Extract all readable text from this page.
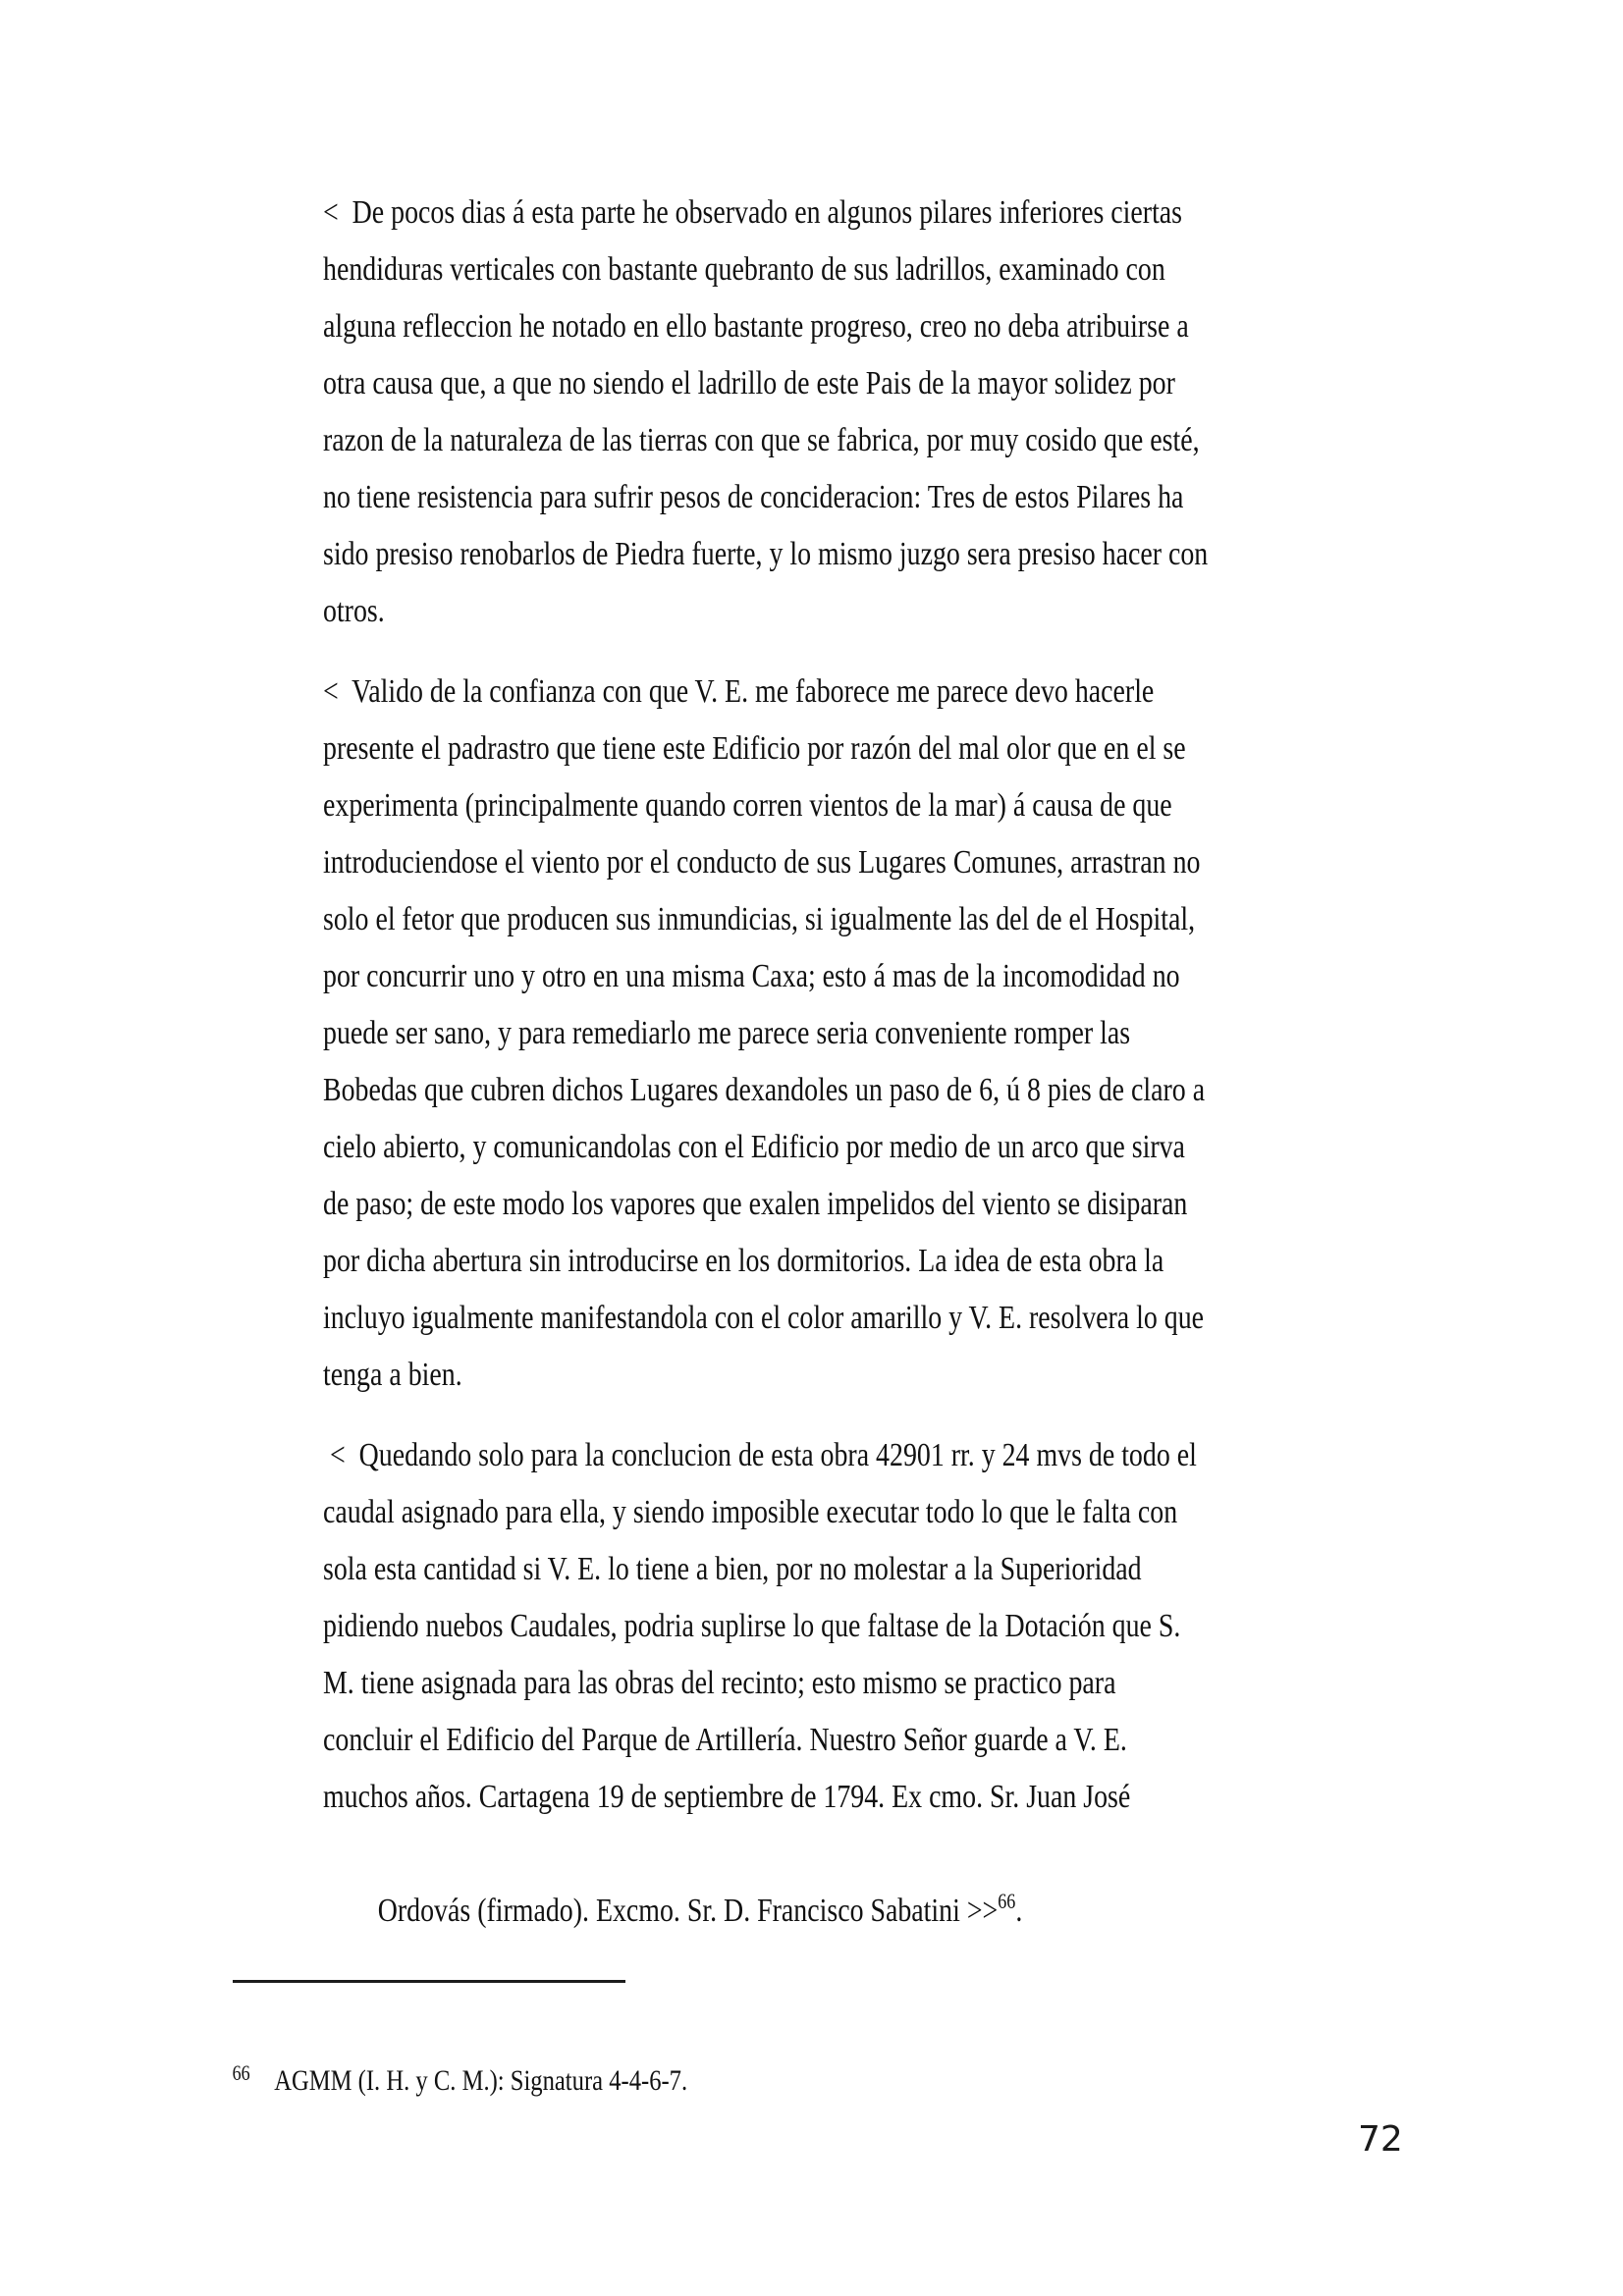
<  De pocos dias á esta parte he observado en algunos pilares inferiores ciertas
hendiduras verticales con bastante quebranto de sus ladrillos, examinado con
alguna refleccion he notado en ello bastante progreso, creo no deba atribuirse a
otra causa que, a que no siendo el ladrillo de este Pais de la mayor solidez por
razon de la naturaleza de las tierras con que se fabrica, por muy cosido que esté,
no tiene resistencia para sufrir pesos de concideracion: Tres de estos Pilares ha
sido presiso renobarlos de Piedra fuerte, y lo mismo juzgo sera presiso hacer con
otros.
<  Valido de la confianza con que V. E. me faborece me parece devo hacerle
presente el padrastro que tiene este Edificio por razón del mal olor que en el se
experimenta (principalmente quando corren vientos de la mar) á causa de que
introduciendose el viento por el conducto de sus Lugares Comunes, arrastran no
solo el fetor que producen sus inmundicias, si igualmente las del de el Hospital,
por concurrir uno y otro en una misma Caxa; esto á mas de la incomodidad no
puede ser sano, y para remediarlo me parece seria conveniente romper las
Bobedas que cubren dichos Lugares dexandoles un paso de 6, ú 8 pies de claro a
cielo abierto, y comunicandolas con el Edificio por medio de un arco que sirva
de paso; de este modo los vapores que exalen impelidos del viento se disiparan
por dicha abertura sin introducirse en los dormitorios. La idea de esta obra la
incluyo igualmente manifestandola con el color amarillo y V. E. resolvera lo que
tenga a bien.
<  Quedando solo para la conclucion de esta obra 42901 rr. y 24 mvs de todo el
caudal asignado para ella, y siendo imposible executar todo lo que le falta con
sola esta cantidad si V. E. lo tiene a bien, por no molestar a la Superioridad
pidiendo nuebos Caudales, podria suplirse lo que faltase de la Dotación que S.
M. tiene asignada para las obras del recinto; esto mismo se practico para
concluir el Edificio del Parque de Artillería. Nuestro Señor guarde a V. E.
muchos años. Cartagena 19 de septiembre de 1794. Ex cmo. Sr. Juan José

Ordovás (firmado). Excmo. Sr. D. Francisco Sabatini >>$^{66}$.

$^{66}$ AGMM (I. H. y C. M.): Signatura 4-4-6-7.

72
